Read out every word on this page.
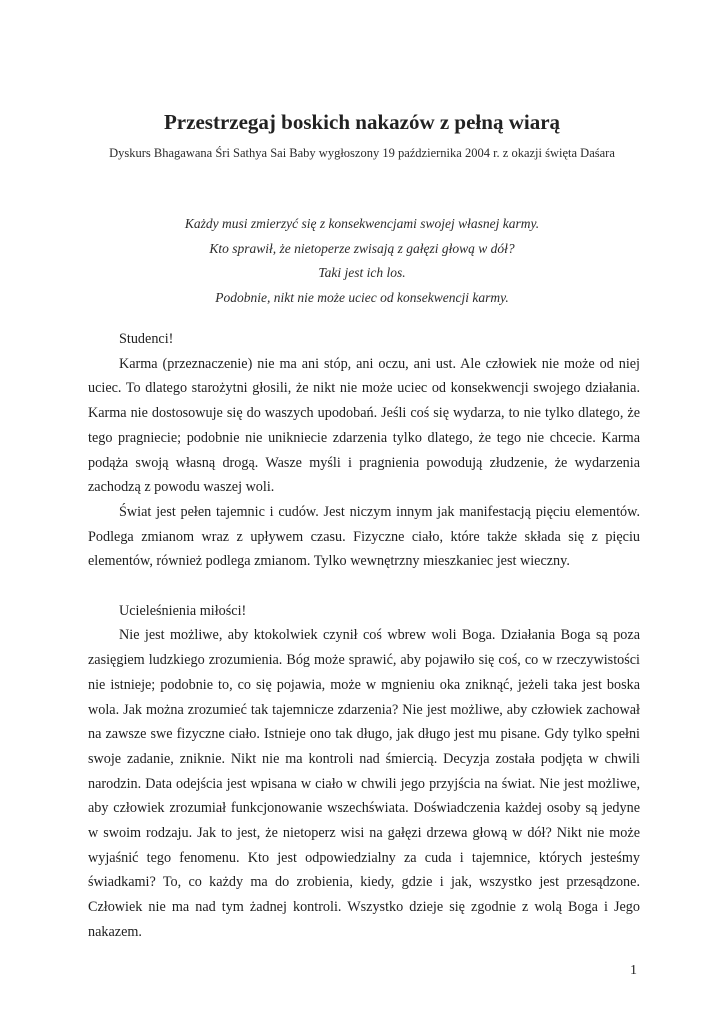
Przestrzegaj boskich nakazów z pełną wiarą
Dyskurs Bhagawana Śri Sathya Sai Baby wygłoszony 19 października 2004 r. z okazji święta Daśara
Każdy musi zmierzyć się z konsekwencjami swojej własnej karmy.
Kto sprawił, że nietoperze zwisają z gałęzi głową w dół?
Taki jest ich los.
Podobnie, nikt nie może uciec od konsekwencji karmy.

Studenci!

Karma (przeznaczenie) nie ma ani stóp, ani oczu, ani ust. Ale człowiek nie może od niej uciec. To dlatego starożytni głosili, że nikt nie może uciec od konsekwencji swojego działania. Karma nie dostosowuje się do waszych upodobań. Jeśli coś się wydarza, to nie tylko dlatego, że tego pragniecie; podobnie nie unikniecie zdarzenia tylko dlatego, że tego nie chcecie. Karma podąża swoją własną drogą. Wasze myśli i pragnienia powodują złudzenie, że wydarzenia zachodzą z powodu waszej woli.

Świat jest pełen tajemnic i cudów. Jest niczym innym jak manifestacją pięciu elementów. Podlega zmianom wraz z upływem czasu. Fizyczne ciało, które także składa się z pięciu elementów, również podlega zmianom. Tylko wewnętrzny mieszkaniec jest wieczny.

Ucieleśnienia miłości!

Nie jest możliwe, aby ktokolwiek czynił coś wbrew woli Boga. Działania Boga są poza zasięgiem ludzkiego zrozumienia. Bóg może sprawić, aby pojawiło się coś, co w rzeczywistości nie istnieje; podobnie to, co się pojawia, może w mgnieniu oka zniknąć, jeżeli taka jest boska wola. Jak można zrozumieć tak tajemnicze zdarzenia? Nie jest możliwe, aby człowiek zachował na zawsze swe fizyczne ciało. Istnieje ono tak długo, jak długo jest mu pisane. Gdy tylko spełni swoje zadanie, zniknie. Nikt nie ma kontroli nad śmiercią. Decyzja została podjęta w chwili narodzin. Data odejścia jest wpisana w ciało w chwili jego przyjścia na świat. Nie jest możliwe, aby człowiek zrozumiał funkcjonowanie wszechświata. Doświadczenia każdej osoby są jedyne w swoim rodzaju. Jak to jest, że nietoperz wisi na gałęzi drzewa głową w dół? Nikt nie może wyjaśnić tego fenomenu. Kto jest odpowiedzialny za cuda i tajemnice, których jesteśmy świadkami? To, co każdy ma do zrobienia, kiedy, gdzie i jak, wszystko jest przesądzone. Człowiek nie ma nad tym żadnej kontroli. Wszystko dzieje się zgodnie z wolą Boga i Jego nakazem.

1
